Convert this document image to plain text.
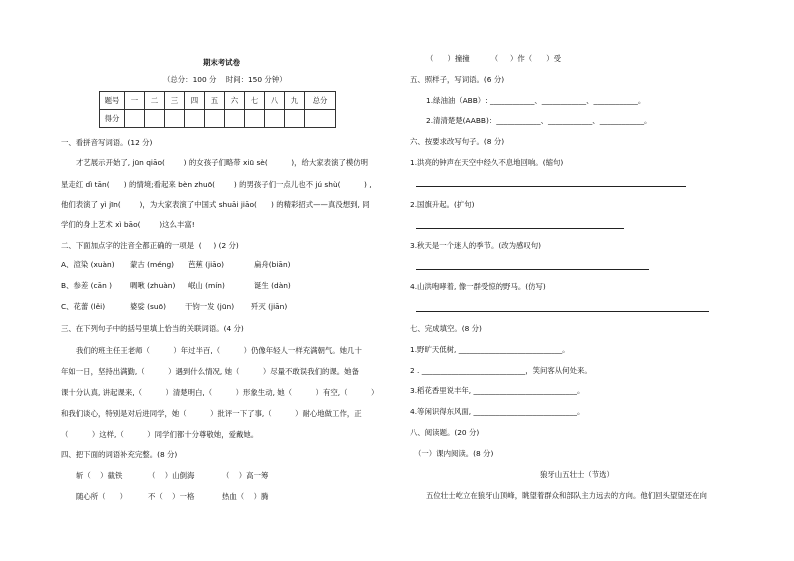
期末考试卷
（总分：100 分    时间：150 分钟）
题号	一	二	三	四	五	六	七	八	九	总分
得分										
一、看拼音写词语。(12 分)
才艺展示开始了, jūn qiāo(        ) 的女孩子们略带 xiū sè(          )，给大家表演了模仿明
星走红 dì tān(      ) 的情境;看起来 bèn zhuō(        ) 的男孩子们一点儿也不 jú shù(          ) ,
他们表演了 yì jīn(        )，为大家表演了中国式 shuāi jiāo(      ) 的精彩招式——真没想到, 同
学们的身上艺术 xì bāo(        )这么丰富!
二、下面加点字的注音全都正确的一项是  (     ) (2 分)
A、渲染 (xuàn) 蒙古 (méng) 芭蕉 (jiāo)	扁舟(biān)
B、参差 (cān ) 啁啾 (zhuàn) 岷山 (mín)	诞生 (dàn)
C、花蕾 (lěi)	婆娑 (suō)	干钧一发 (jūn) 歼灭 (jiān)
三、在下列句子中的括号里填上恰当的关联词语。(4 分)
我们的班主任王老师（          ）年过半百,（          ）仍像年轻人一样充满朝气。她几十
年如一日，坚持出满勤,（          ）遇到什么情况, 她（          ）尽量不敢误我们的课。她备
课十分认真, 讲起课来,（          ）清楚明白,（          ）形象生动, 她（          ）有空,（          ）
和我们谈心，特别是对后进同学，她（          ）批评一下了事,（          ）耐心地做工作，正
（          ）这样,（          ）同学们都十分尊敬她，爱戴她。
四、把下面的词语补充完整。(8 分)
斩（    ）截铁	（    ）山倒海	（    ）高一筹
随心所（      ）	不（    ）一格	热血（    ）腾
（      ）撞撞         （     ）作（      ）受
五、照样子，写词语。(6 分)
1.绿油油（ABB）: ____________、____________、____________。
2.清清楚楚(AABB)：____________、____________、____________。
六、按要求改写句子。(8 分)
1.洪亮的钟声在天空中经久不息地回响。(缩句)
2.国旗升起。(扩句)
3.秋天是一个迷人的季节。(改为感叹句)
4.山洪咆哮着, 像一群受惊的野马。(仿写)
七、完成填空。(8 分)
1.野旷天低树, ____________________________。
2 . ____________________________，笑问客从何处来。
3.稻花香里说丰年, ____________________________。
4.等闲识得东风面, ____________________________。
八、阅读题。(20 分)
（一）课内阅读。(8 分)
狼牙山五壮士（节选）
五位壮士屹立在狼牙山顶峰，眺望着群众和部队主力远去的方向。他们回头望望还在向
